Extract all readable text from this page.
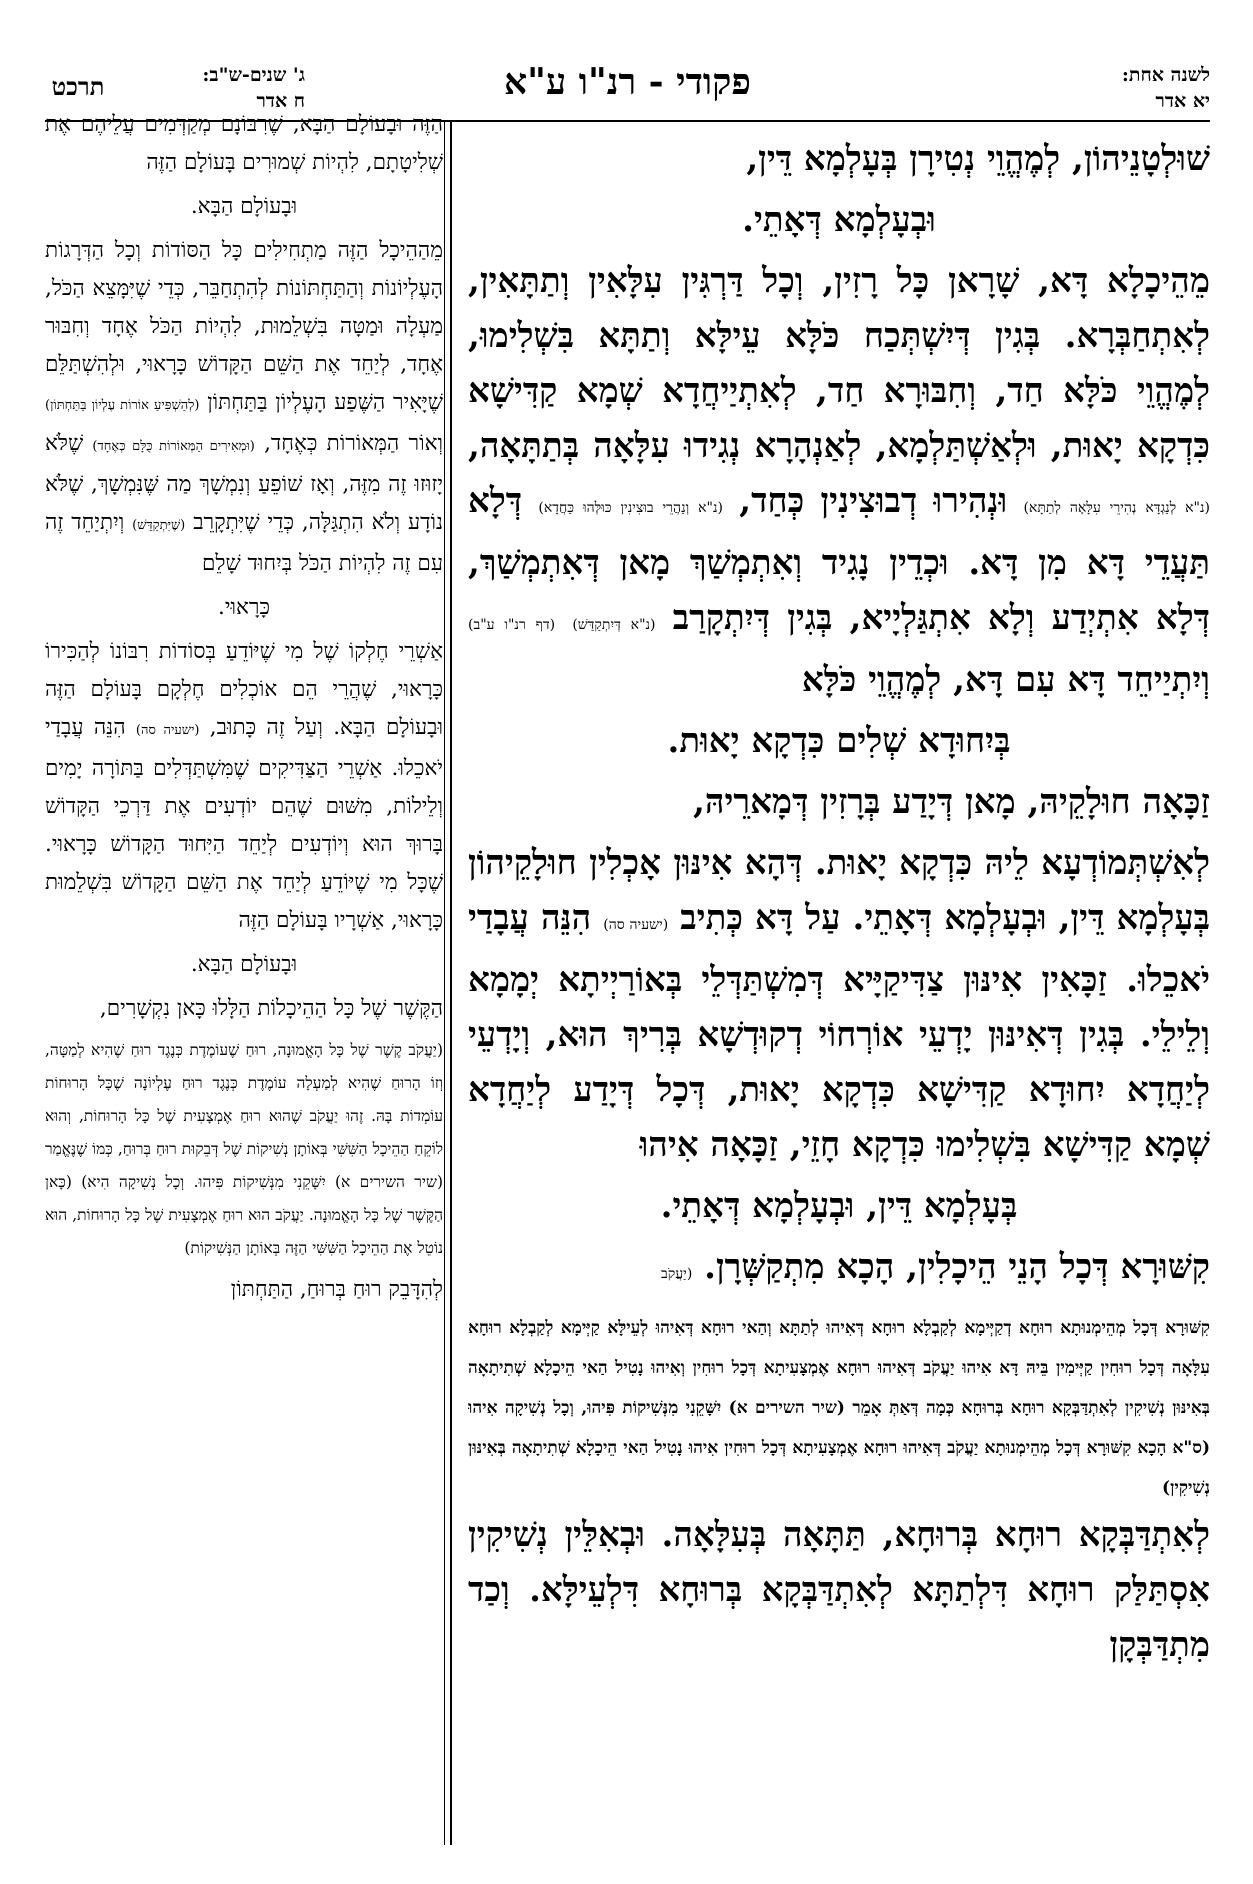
לשנה אחת:
יא אדר
פקודי - רנ"ו ע"א
ג' שנים-ש"ב:
ח אדר
תרכט

שׁוּלְטָנֵיהוֹן, לְמֶהֱוֵי נְטִירָן בְּעָלְמָא דֵּין,

וּבְעָלְמָא דְּאָתֵי.

מֵהֵיכָלָא דָּא, שָׁרָאן כָּל רָזִין, וְכָל דַּרְגִּין עִלָּאִין וְתַתָּאִין, לְאִתְחַבְּרָא. בְּגִין דְּיִשְׁתְּכַח כֹּלָּא עֵילָּא וְתַתָּא בִּשְׁלִימוּ, לְמֶהֱוֵי כֹּלָּא חַד, וְחִבּוּרָא חַד, לְאִתְיַיחֲדָא שְׁמָא קַדִּישָׁא כִּדְקָא יָאוּת, וּלְאַשְׁתַּלְמָא, לְאַנְהָרָא נְגִידוּ עִלָּאָה בְּתַתָּאָה, (נ"א לְנַגְדָּא נְהִירֵי עִלָּאָה לְתַתָּא) וּנְהִירוּ דְבוּצִינִין כְּחַד, (נ"א וְנַהֲרֵי בוּצִינִין כּוּלְּהוּ כַּחֲדָא) דְּלָא תַּעֲדֵי דָּא מִן דָּא. וּכְדֵין נָגִיד וְאִתְמְשַׁךְ מָאן דְּאִתְמְשַׁךְ, דְּלָא אִתְיְדַע וְלָא אִתְגַּלְיָיא, בְּגִין דְּיִתְקָרַב (נ"א דְּיִתְקַדַּשׁ) (דף רנ"ו ע"ב) וְיִתְיַיחֵד דָּא עִם דָּא, לְמֶהֱוֵי כֹּלָּא

בְּיִחוּדָא שְׁלִים כִּדְקָא יָאוּת.

זַכָּאָה חוּלָקֵיהּ, מָאן דְּיָדַע בְּרָזִין דְּמָארֵיהּ,

לְאִשְׁתְּמוֹדְעָא לֵיהּ כִּדְקָא יָאוּת. דְּהָא אִינּוּן אָכְלִין חוּלָקֵיהוֹן בְּעָלְמָא דֵּין, וּבְעָלְמָא דְּאָתֵי. עַל דָּא כְּתִיב (ישעיה סה) הִנֵּה עֲבָדַי יֹאכֵלוּ. זַכָּאִין אִינּוּן צַדִּיקַיָּיא דְּמִשְׁתַּדְּלֵי בְּאוֹרַיְיתָא יְמָמָא וְלֵילֵי. בְּגִין דְּאִינּוּן יָדְעֵי אוֹרְחוֹי דְקוּדְשָׁא בְּרִיךְ הוּא, וְיָדְעֵי לְיַחֲדָא יִחוּדָא קַדִּישָׁא כִּדְקָא יָאוּת, דְּכָל דְּיָדַע לְיַחֲדָא שְׁמָא קַדִּישָׁא בִּשְׁלִימוּ כִּדְקָא חָזֵי, זַכָּאָה אִיהוּ

בְּעָלְמָא דֵּין, וּבְעָלְמָא דְּאָתֵי.

קִשּׁוּרָא דְּכָל הָנֵי הֵיכָלִין, הָכָא מִתְקַשְּׁרָן. (יַעֲקֹב

קִשּׁוּרָא דְּכָל מְהֵימְנוּתָא רוּחָא דְקַיְּימָא לְקַבְלָא רוּחָא דְּאִיהוּ לְתַתָּא וְהַאי רוּחָא דְּאִיהוּ לְעֵילָּא קַיְּימָא לְקַבְלָא רוּחָא עִלָּאָה דְּכָל רוּחִין קַיְּימִין בֵּיהּ דָּא אִיהוּ יַעֲקֹב דְּאִיהוּ רוּחָא אֶמְצָעִיתָא דְּכָל רוּחִין וְאִיהוּ נָטִיל הַאי הֵיכָלָא שְׁתִיתָאָה בְּאִינּוּן נְשִׁיקִין לְאִתְדַּבְּקָא רוּחָא בְּרוּחָא כְּמָה דְּאַתְּ אָמֵר (שיר השירים א) יִשָּׁקֵנִי מִנְּשִׁיקוֹת פִּיהוּ, וְכָל נְשִׁיקָה אִיהוּ (ס"א הָכָא קִשּׁוּרָא דְּכָל מְהֵימְנוּתָא יַעֲקֹב דְּאִיהוּ רוּחָא אֶמְצָעִיתָא דְּכָל רוּחִין אִיהוּ נָטִיל הַאי הֵיכָלָא שְׁתִיתָאָה בְּאִינּוּן נְשִׁיקִין)

לְאִתְדַּבְּקָא רוּחָא בְּרוּחָא, תַּתָּאָה בְּעִלָּאָה. וּבְאִלֵּין נְשִׁיקִין אִסְתַּלַּק רוּחָא דִּלְתַתָּא לְאִתְדַּבְּקָא בְּרוּחָא דִּלְעֵילָּא. וְכַד מִתְדַּבְּקָן

הַזֶּה וּבָעוֹלָם הַבָּא, שֶׁרִבּוֹנָם מְקַדְּמִים עֲלֵיהֶם אֶת שְׁלִיטָתָם, לִהְיוֹת שְׁמוּרִים בָּעוֹלָם הַזֶּה

וּבָעוֹלָם הַבָּא.

מֵהַהֵיכָל הַזֶּה מַתְחִילִים כָּל הַסּוֹדוֹת וְכָל הַדְּרָגוֹת הָעֶלְיוֹנוֹת וְהַתַּחְתּוֹנוֹת לְהִתְחַבֵּר, כְּדֵי שֶׁיִּמָּצֵא הַכֹּל, מַעְלָה וּמַטָּה בִּשְׁלֵמוּת, לִהְיוֹת הַכֹּל אֶחָד וְחִבּוּר אֶחָד, לְיַחֵד אֶת הַשֵּׁם הַקָּדוֹשׁ כָּרָאוּי, וּלְהִשְׁתַּלֵּם שֶׁיָּאִיר הַשֶּׁפַע הָעֶלְיוֹן בַּתַּחְתּוֹן (לְהַשְׁפִּיעַ אוֹרוֹת עֶלְיוֹן בַּתַּחְתּוֹן) וְאוֹר הַמְּאוֹרוֹת כְּאֶחָד, (וּמְאִירִים הַמְּאוֹרוֹת כֻּלָּם כְּאֶחָד) שֶׁלֹּא יָזוּזוּ זֶה מִזֶּה, וְאָז שׁוֹפֵעַ וְנִמְשָׁךְ מַה שֶּׁנִּמְשָׁךְ, שֶׁלֹּא נוֹדָע וְלֹא הִתְגַּלָּה, כְּדֵי שֶׁיִּתְקָרֵב (שֶׁיִּתְקַדֵּשׁ) וְיִתְיַחֵד זֶה עִם זֶה לִהְיוֹת הַכֹּל בְּיִחוּד שָׁלֵם

כָּרָאוּי.

אַשְׁרֵי חֶלְקוֹ שֶׁל מִי שֶׁיּוֹדֵעַ בְּסוֹדוֹת רִבּוֹנוֹ לְהַכִּירוֹ כָּרָאוּי, שֶׁהֲרֵי הֵם אוֹכְלִים חֶלְקָם בָּעוֹלָם הַזֶּה וּבָעוֹלָם הַבָּא. וְעַל זֶה כָּתוּב, (ישעיה סה) הִנֵּה עֲבָדַי יֹאכֵלוּ. אַשְׁרֵי הַצַּדִּיקִים שֶׁמִּשְׁתַּדְּלִים בַּתּוֹרָה יָמִים וְלֵילוֹת, מִשּׁוּם שֶׁהֵם יוֹדְעִים אֶת דַּרְכֵי הַקָּדוֹשׁ בָּרוּךְ הוּא וְיוֹדְעִים לְיַחֵד הַיִּחוּד הַקָּדוֹשׁ כָּרָאוּי. שֶׁכָּל מִי שֶׁיּוֹדֵעַ לְיַחֵד אֶת הַשֵּׁם הַקָּדוֹשׁ בִּשְׁלֵמוּת כָּרָאוּי, אַשְׁרָיו בָּעוֹלָם הַזֶּה

וּבָעוֹלָם הַבָּא.

הַקֶּשֶׁר שֶׁל כָּל הַהֵיכָלוֹת הַלָּלוּ כָּאן נִקְשָׁרִים,

(יַעֲקֹב קֶשֶׁר שֶׁל כָּל הָאֱמוּנָה, רוּחַ שֶׁעוֹמֶדֶת כְּנֶגֶד רוּחַ שֶׁהִיא לְמַטָּה, וְזוֹ הָרוּחַ שֶׁהִיא לְמַעְלָה עוֹמֶדֶת כְּנֶגֶד רוּחַ עֶלְיוֹנָה שֶׁכָּל הָרוּחוֹת עוֹמְדוֹת בָּהּ. זֶהוּ יַעֲקֹב שֶׁהוּא רוּחַ אֶמְצָעִית שֶׁל כָּל הָרוּחוֹת, וְהוּא לוֹקֵחַ הַהֵיכָל הַשִּׁשִּׁי בְּאוֹתָן נְשִׁיקוֹת שֶׁל דְּבֵקוּת רוּחַ בְּרוּחַ, כְּמוֹ שֶׁנֶּאֱמַר (שיר השירים א) יִשָּׁקֵנִי מִנְּשִׁיקוֹת פִּיהוּ. וְכָל נְשִׁיקָה הִיא) (כָּאן הַקֶּשֶׁר שֶׁל כָּל הָאֱמוּנָה. יַעֲקֹב הוּא רוּחַ אֶמְצָעִית שֶׁל כָּל הָרוּחוֹת, הוּא נוֹטֵל אֶת הַהֵיכָל הַשִּׁשִּׁי הַזֶּה בְּאוֹתָן הַנְּשִׁיקוֹת)

לְהִדָּבֵק רוּחַ בְּרוּחַ, הַתַּחְתּוֹן
